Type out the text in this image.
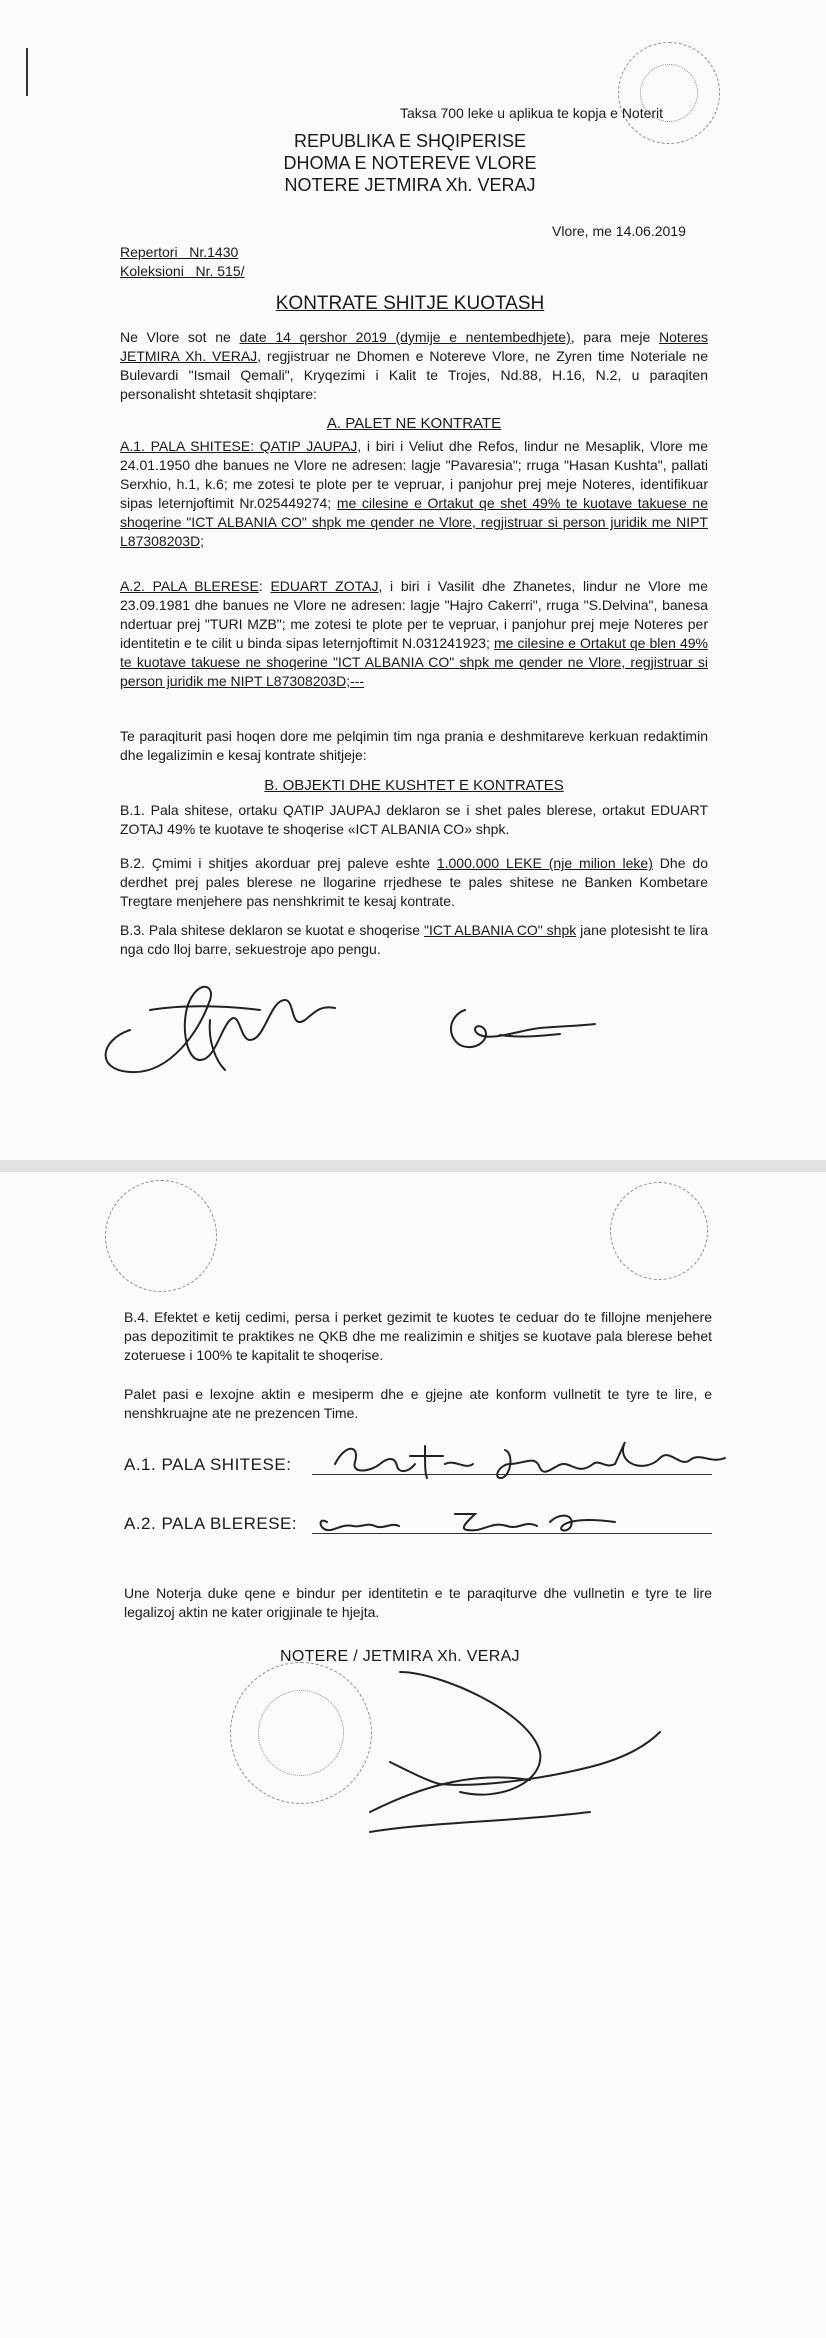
Taksa 700 leke u aplikua te kopja e Noterit
REPUBLIKA E SHQIPERISE
DHOMA E NOTEREVE VLORE
NOTERE JETMIRA Xh. VERAJ
Vlore, me 14.06.2019
Repertori   Nr.1430
Koleksioni   Nr. 515/
KONTRATE SHITJE KUOTASH
Ne Vlore sot ne date 14 qershor 2019 (dymije e nentembedhjete), para meje Noteres JETMIRA Xh. VERAJ, regjistruar ne Dhomen e Notereve Vlore, ne Zyren time Noteriale ne Bulevardi "Ismail Qemali", Kryqezimi i Kalit te Trojes, Nd.88, H.16, N.2, u paraqiten personalisht shtetasit shqiptare:
A. PALET NE KONTRATE
A.1. PALA SHITESE: QATIP JAUPAJ, i biri i Veliut dhe Refos, lindur ne Mesaplik, Vlore me 24.01.1950 dhe banues ne Vlore ne adresen: lagje "Pavaresia"; rruga "Hasan Kushta", pallati Serxhio, h.1, k.6; me zotesi te plote per te vepruar, i panjohur prej meje Noteres, identifikuar sipas leternjoftimit Nr.025449274; me cilesine e Ortakut qe shet 49% te kuotave takuese ne shoqerine "ICT ALBANIA CO" shpk me qender ne Vlore, regjistruar si person juridik me NIPT L87308203D;
A.2. PALA BLERESE: EDUART ZOTAJ, i biri i Vasilit dhe Zhanetes, lindur ne Vlore me 23.09.1981 dhe banues ne Vlore ne adresen: lagje "Hajro Cakerri", rruga "S.Delvina", banesa ndertuar prej "TURI MZB"; me zotesi te plote per te vepruar, i panjohur prej meje Noteres per identitetin e te cilit u binda sipas leternjoftimit N.031241923; me cilesine e Ortakut qe blen 49% te kuotave takuese ne shoqerine "ICT ALBANIA CO" shpk me qender ne Vlore, regjistruar si person juridik me NIPT L87308203D;---
Te paraqiturit pasi hoqen dore me pelqimin tim nga prania e deshmitareve kerkuan redaktimin dhe legalizimin e kesaj kontrate shitjeje:
B. OBJEKTI DHE KUSHTET E KONTRATES
B.1. Pala shitese, ortaku QATIP JAUPAJ deklaron se i shet pales blerese, ortakut EDUART ZOTAJ 49% te kuotave te shoqerise «ICT ALBANIA CO» shpk.
B.2. Çmimi i shitjes akorduar prej paleve eshte 1.000.000 LEKE (nje milion leke) Dhe do derdhet prej pales blerese ne llogarine rrjedhese te pales shitese ne Banken Kombetare Tregtare menjehere pas nenshkrimit te kesaj kontrate.
B.3. Pala shitese deklaron se kuotat e shoqerise "ICT ALBANIA CO" shpk jane plotesisht te lira nga cdo lloj barre, sekuestroje apo pengu.
B.4. Efektet e ketij cedimi, persa i perket gezimit te kuotes te ceduar do te fillojne menjehere pas depozitimit te praktikes ne QKB dhe me realizimin e shitjes se kuotave pala blerese behet zoteruese i 100% te kapitalit te shoqerise.
Palet pasi e lexojne aktin e mesiperm dhe e gjejne ate konform vullnetit te tyre te lire, e nenshkruajne ate ne prezencen Time.
A.1. PALA SHITESE:
A.2. PALA BLERESE:
Une Noterja duke qene e bindur per identitetin e te paraqiturve dhe vullnetin e tyre te lire legalizoj aktin ne kater origjinale te hjejta.
NOTERE / JETMIRA Xh. VERAJ
